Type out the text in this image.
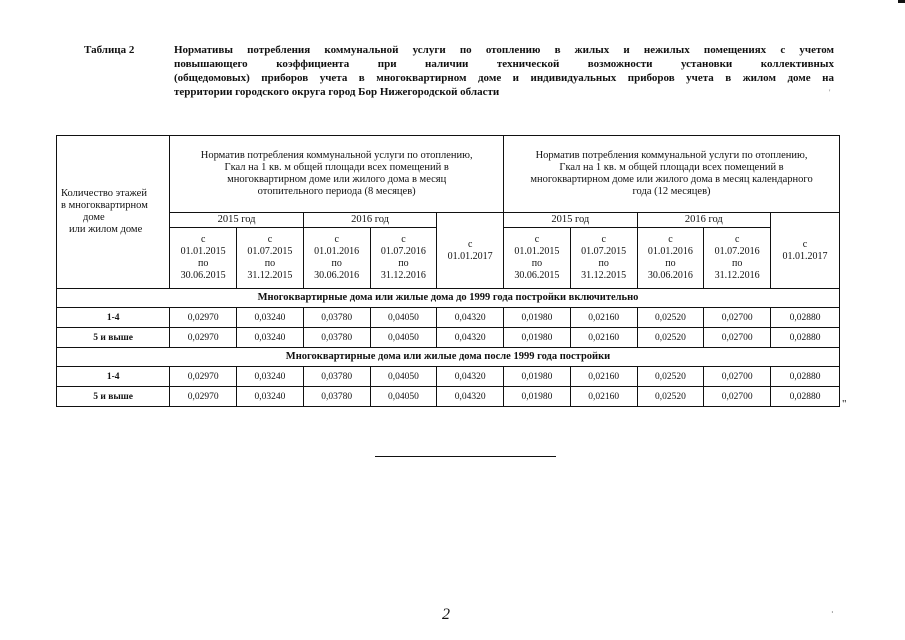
Таблица 2	Нормативы потребления коммунальной услуги по отоплению в жилых и нежилых помещениях с учетом
повышающего коэффициента при наличии технической возможности установки коллективных
(общедомовых) приборов учета в многоквартирном доме и индивидуальных приборов учета в жилом доме на
территории городского округа город Бор Нижегородской области	'
Количество этажей
в многоквартирном
доме
или жилом доме	Норматив потребления коммунальной услуги по отоплению,
Гкал на 1 кв. м общей площади всех помещений в
многоквартирном доме или жилого дома в месяц
отопительного периода (8 месяцев)					Норматив потребления коммунальной услуги по отоплению,
Гкал на 1 кв. м общей площади всех помещений в
многоквартирном доме или жилого дома в месяц календарного
года (12 месяцев)				

	2015 год		2016 год		с
01.01.2017	2015 год		2016 год		с
01.01.2017

	с
01.01.2015
по
30.06.2015	с
01.07.2015
по
31.12.2015	с
01.01.2016
по
30.06.2016	с
01.07.2016
по
31.12.2016		с
01.01.2015
по
30.06.2015	с
01.07.2015
по
31.12.2015	с
01.01.2016
по
30.06.2016	с
01.07.2016
по
31.12.2016	

Многоквартирные дома или жилые дома до 1999 года постройки включительно										
1-4	0,02970	0,03240	0,03780	0,04050	0,04320	0,01980	0,02160	0,02520	0,02700	0,02880
5 и выше	0,02970	0,03240	0,03780	0,04050	0,04320	0,01980	0,02160	0,02520	0,02700	0,02880
Многоквартирные дома или жилые дома после 1999 года постройки										
1-4	0,02970	0,03240	0,03780	0,04050	0,04320	0,01980	0,02160	0,02520	0,02700	0,02880
5 и выше	0,02970	0,03240	0,03780	0,04050	0,04320	0,01980	0,02160	0,02520	0,02700	0,02880
"
2	·
